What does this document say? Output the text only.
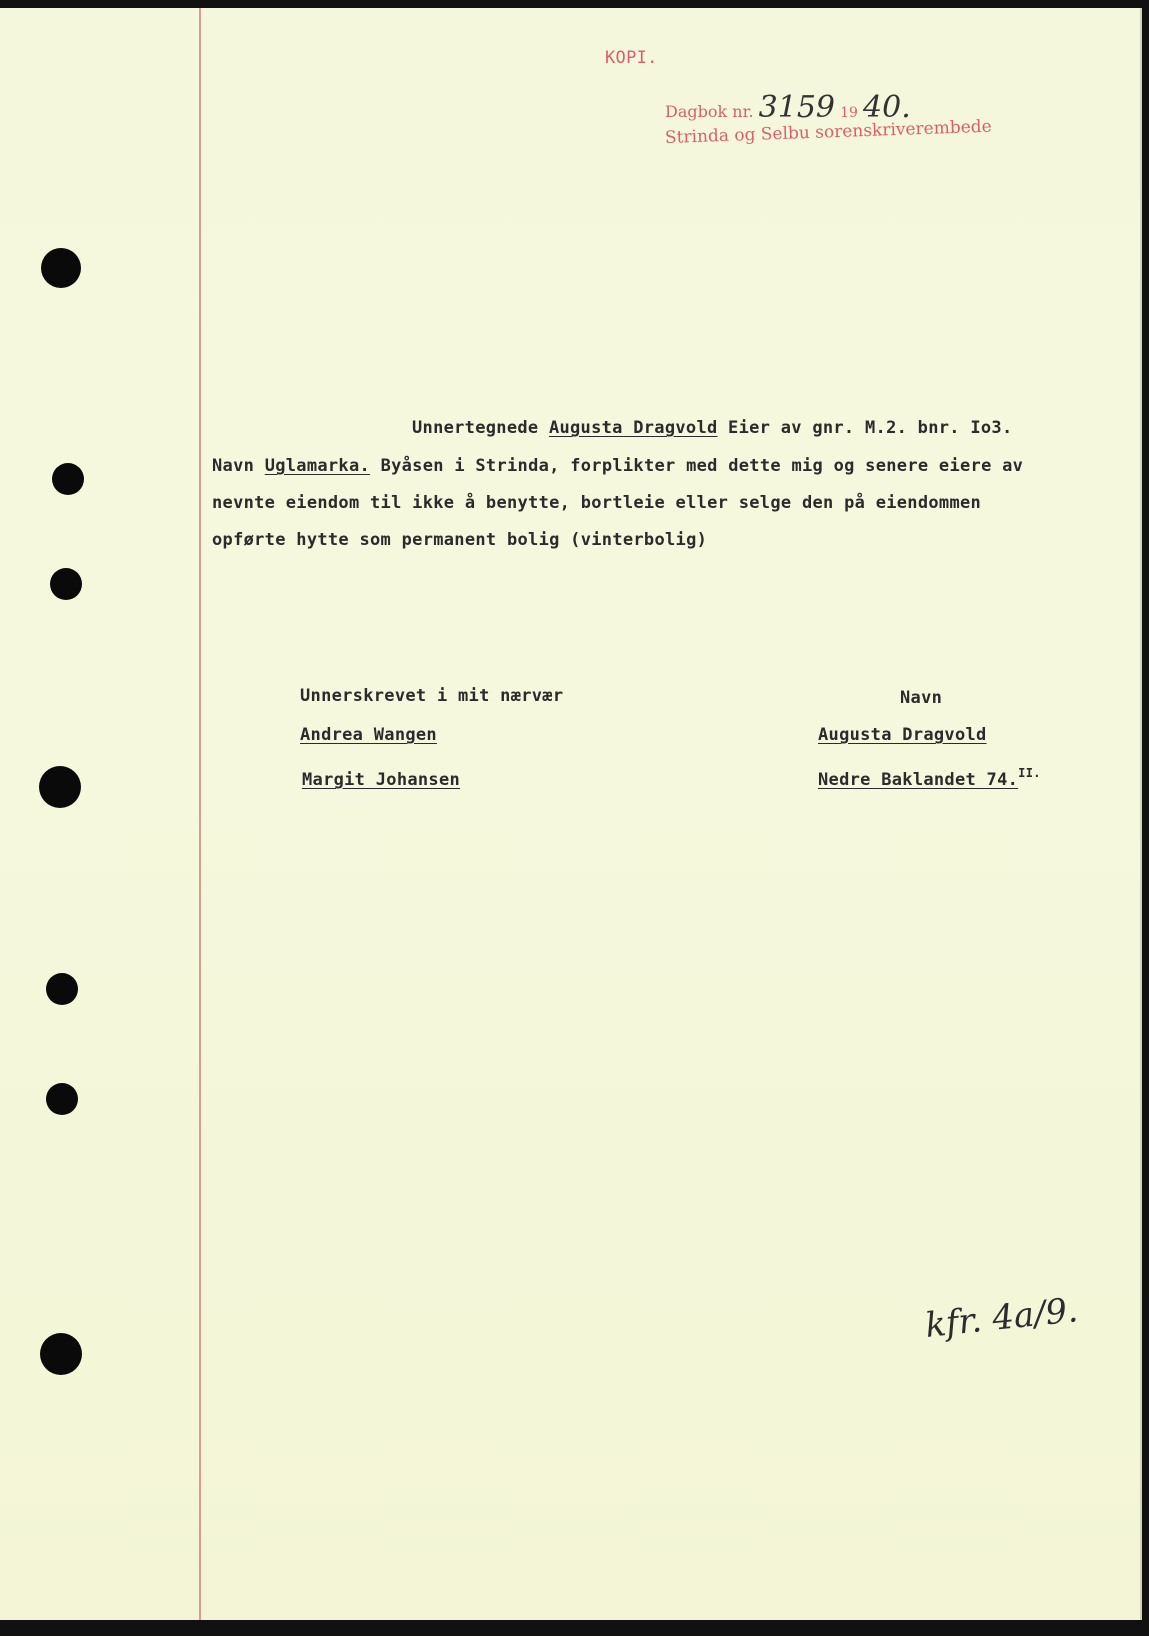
KOPI.
Dagbok nr. 3159 19 40.
Strinda og Selbu sorenskriverembede
Unnertegnede Augusta Dragvold Eier av gnr. M.2. bnr. Io3.
Navn Uglamarka. Byåsen i Strinda, forplikter med dette mig og senere eiere av
nevnte eiendom til ikke å benytte, bortleie eller selge den på eiendommen
opførte hytte som permanent bolig (vinterbolig)
Unnerskrevet i mit nærvær
Andrea Wangen
Margit Johansen
Navn
Augusta Dragvold
Nedre Baklandet 74.$^{II.}$
kfr. 4a/9.
